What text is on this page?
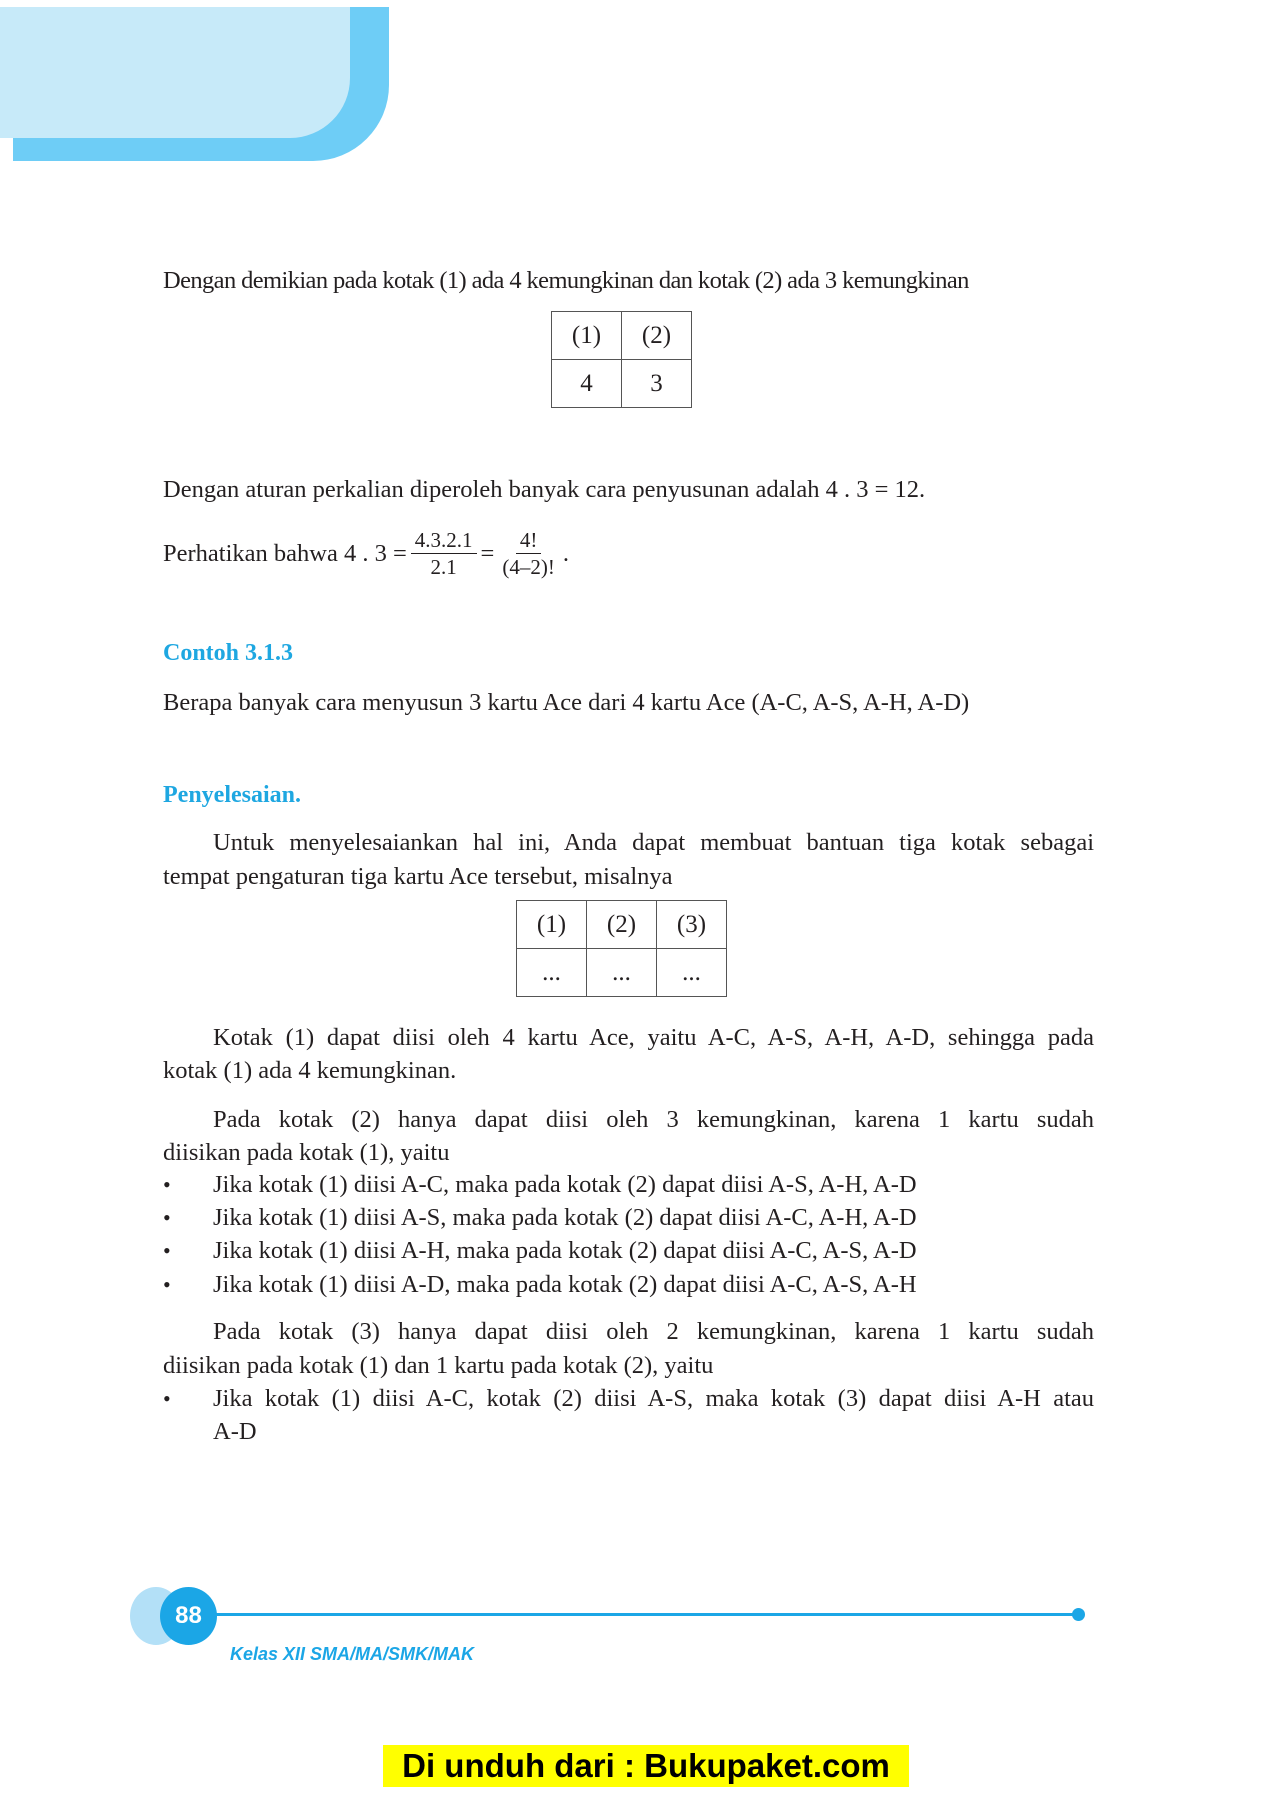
Dengan demikian pada kotak (1) ada 4 kemungkinan dan kotak (2) ada 3 kemungkinan
(1)	(2)
4	3
Dengan aturan perkalian diperoleh banyak cara penyusunan adalah 4 . 3 = 12.
Perhatikan bahwa 4 . $3 = \frac{4.3.2.1}{2.1} = \frac{4!}{(4-2)!}$ .
Contoh 3.1.3
Berapa banyak cara menyusun 3 kartu Ace dari 4 kartu Ace (A-C, A-S, A-H, A-D)
Penyelesaian.
Untuk menyelesaiankan hal ini, Anda dapat membuat bantuan tiga kotak sebagai
tempat pengaturan tiga kartu Ace tersebut, misalnya
(1)	(2)	(3)
...	...	...
Kotak (1) dapat diisi oleh 4 kartu Ace, yaitu A-C, A-S, A-H, A-D, sehingga pada
kotak (1) ada 4 kemungkinan.
Pada kotak (2) hanya dapat diisi oleh 3 kemungkinan, karena 1 kartu sudah
diisikan pada kotak (1), yaitu
• Jika kotak (1) diisi A-C, maka pada kotak (2) dapat diisi A-S, A-H, A-D
• Jika kotak (1) diisi A-S, maka pada kotak (2) dapat diisi A-C, A-H, A-D
• Jika kotak (1) diisi A-H, maka pada kotak (2) dapat diisi A-C, A-S, A-D
• Jika kotak (1) diisi A-D, maka pada kotak (2) dapat diisi A-C, A-S, A-H
Pada kotak (3) hanya dapat diisi oleh 2 kemungkinan, karena 1 kartu sudah
diisikan pada kotak (1) dan 1 kartu pada kotak (2), yaitu
• Jika kotak (1) diisi A-C, kotak (2) diisi A-S, maka kotak (3) dapat diisi A-H atau
A-D
88
Kelas XII SMA/MA/SMK/MAK
Di unduh dari : Bukupaket.com
